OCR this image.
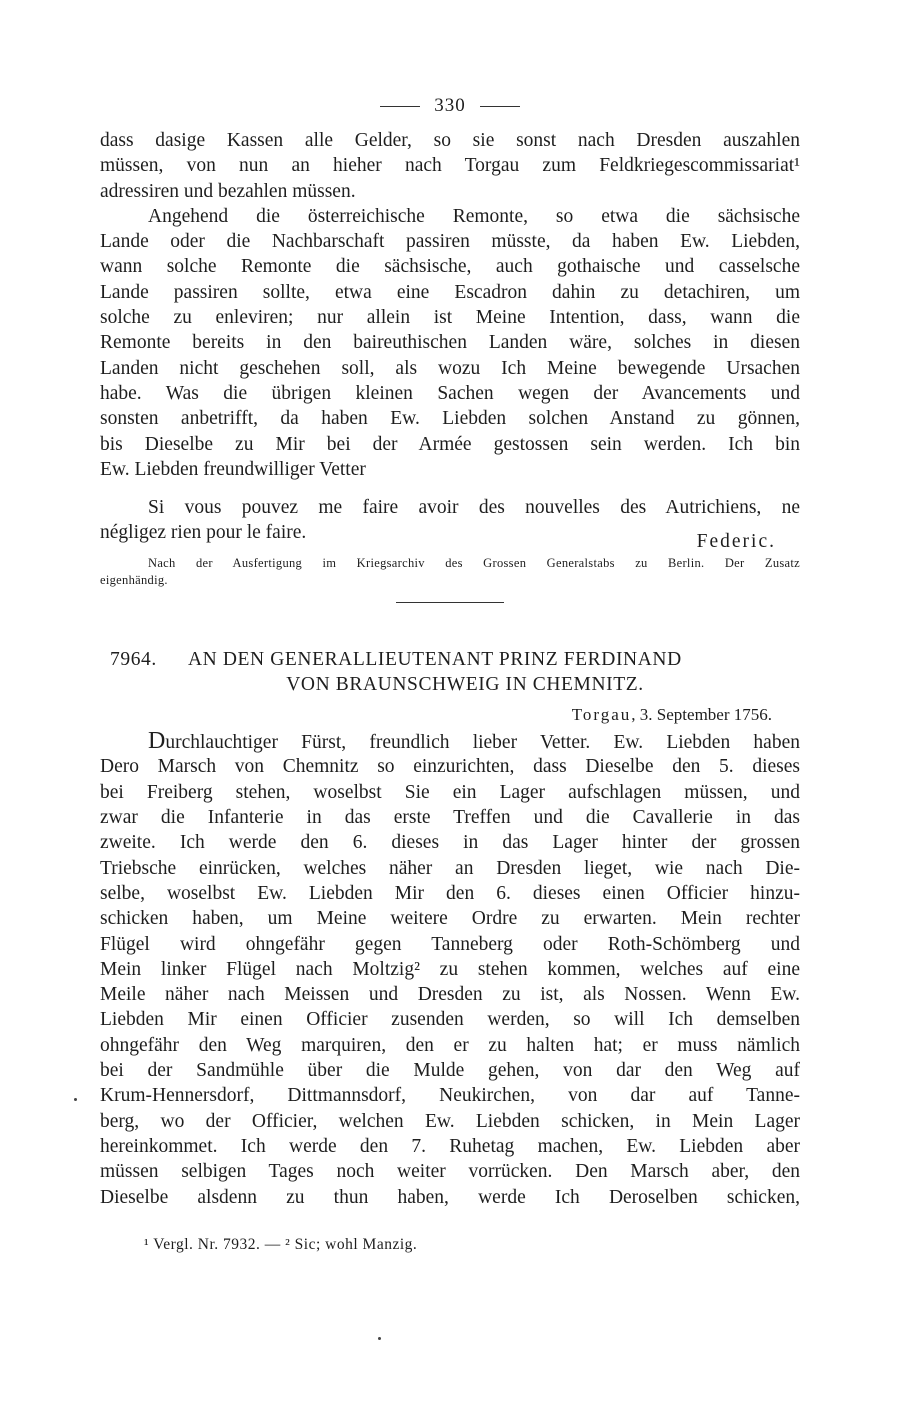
330
dass dasige Kassen alle Gelder, so sie sonst nach Dresden auszahlen
müssen, von nun an hieher nach Torgau zum Feldkriegescommissariat¹
adressiren und bezahlen müssen.
Angehend die österreichische Remonte, so etwa die sächsische
Lande oder die Nachbarschaft passiren müsste, da haben Ew. Liebden,
wann solche Remonte die sächsische, auch gothaische und casselsche
Lande passiren sollte, etwa eine Escadron dahin zu detachiren, um
solche zu enleviren; nur allein ist Meine Intention, dass, wann die
Remonte bereits in den baireuthischen Landen wäre, solches in diesen
Landen nicht geschehen soll, als wozu Ich Meine bewegende Ursachen
habe. Was die übrigen kleinen Sachen wegen der Avancements und
sonsten anbetrifft, da haben Ew. Liebden solchen Anstand zu gönnen,
bis Dieselbe zu Mir bei der Armée gestossen sein werden. Ich bin
Ew. Liebden freundwilliger Vetter
Si vous pouvez me faire avoir des nouvelles des Autrichiens, ne
négligez rien pour le faire.	Federic.
Nach der Ausfertigung im Kriegsarchiv des Grossen Generalstabs zu Berlin. Der Zusatz
eigenhändig.
7964. AN DEN GENERALLIEUTENANT PRINZ FERDINAND
VON BRAUNSCHWEIG IN CHEMNITZ.
Torgau, 3. September 1756.
Durchlauchtiger Fürst, freundlich lieber Vetter. Ew. Liebden haben
Dero Marsch von Chemnitz so einzurichten, dass Dieselbe den 5. dieses
bei Freiberg stehen, woselbst Sie ein Lager aufschlagen müssen, und
zwar die Infanterie in das erste Treffen und die Cavallerie in das
zweite. Ich werde den 6. dieses in das Lager hinter der grossen
Triebsche einrücken, welches näher an Dresden lieget, wie nach Die-
selbe, woselbst Ew. Liebden Mir den 6. dieses einen Officier hinzu-
schicken haben, um Meine weitere Ordre zu erwarten. Mein rechter
Flügel wird ohngefähr gegen Tanneberg oder Roth-Schömberg und
Mein linker Flügel nach Moltzig² zu stehen kommen, welches auf eine
Meile näher nach Meissen und Dresden zu ist, als Nossen. Wenn Ew.
Liebden Mir einen Officier zusenden werden, so will Ich demselben
ohngefähr den Weg marquiren, den er zu halten hat; er muss nämlich
bei der Sandmühle über die Mulde gehen, von dar den Weg auf
Krum-Hennersdorf, Dittmannsdorf, Neukirchen, von dar auf Tanne-
berg, wo der Officier, welchen Ew. Liebden schicken, in Mein Lager
hereinkommet. Ich werde den 7. Ruhetag machen, Ew. Liebden aber
müssen selbigen Tages noch weiter vorrücken. Den Marsch aber, den
Dieselbe alsdenn zu thun haben, werde Ich Deroselben schicken,
¹ Vergl. Nr. 7932. — ² Sic; wohl Manzig.
